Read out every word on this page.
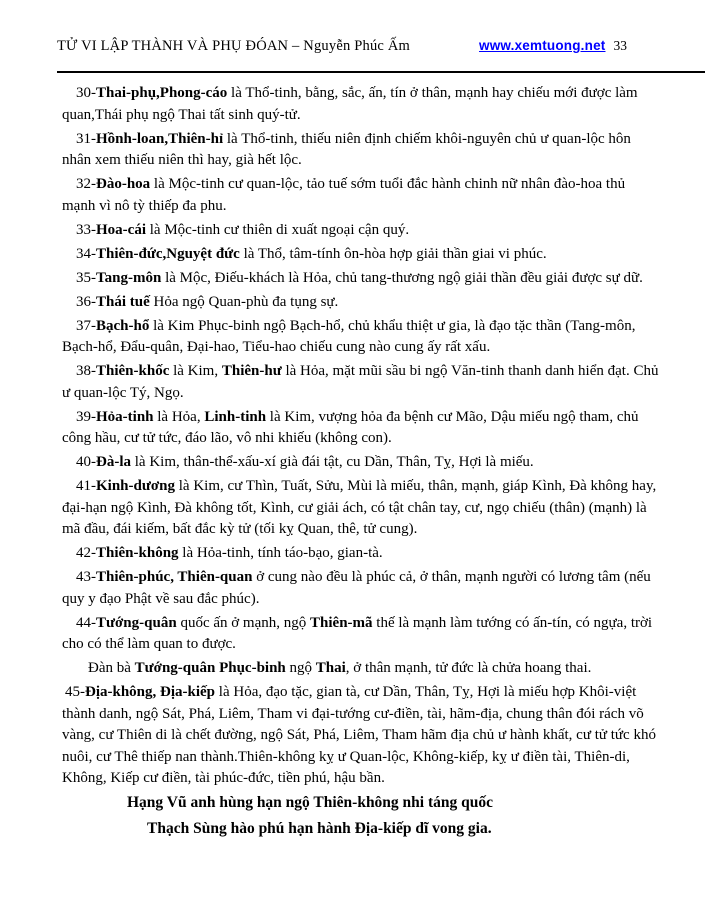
TỬ VI LẬP THÀNH VÀ PHỤ ĐÓAN – Nguyễn Phúc Ấm	www.xemtuong.net 33

30-Thai-phụ,Phong-cáo là Thổ-tinh, bằng, sắc, ấn, tín ở thân, mạnh hay chiếu mới được làm quan,Thái phụ ngộ Thai tất sinh quý-tử.

31-Hồnh-loan,Thiên-hỉ là Thổ-tinh, thiếu niên định chiếm khôi-nguyên chủ ư quan-lộc hôn nhân xem thiếu niên thì hay, già hết lộc.

32-Đào-hoa là Mộc-tinh cư quan-lộc, tảo tuế sớm tuổi đắc hành chinh nữ nhân đào-hoa thủ mạnh vì nô tỳ thiếp đa phu.

33-Hoa-cái là Mộc-tinh cư thiên di xuất ngoại cận quý.

34-Thiên-đức,Nguyệt đức là Thổ, tâm-tính ôn-hòa hợp giải thần giai vi phúc.

35-Tang-môn là Mộc, Điếu-khách là Hỏa, chủ tang-thương ngộ giải thần đều giải được sự dữ.

36-Thái tuế Hỏa ngộ Quan-phù đa tụng sự.

37-Bạch-hổ là Kim Phục-binh ngộ Bạch-hổ, chủ khẩu thiệt ư gia, là đạo tặc thần (Tang-môn, Bạch-hổ, Đẩu-quân, Đại-hao, Tiểu-hao chiếu cung nào cung ấy rất xấu.

38-Thiên-khốc là Kim, Thiên-hư là Hỏa, mặt mũi sầu bi ngộ Văn-tinh thanh danh hiển đạt. Chủ ư quan-lộc Tý, Ngọ.

39-Hỏa-tinh là Hỏa, Linh-tinh là Kim, vượng hỏa đa bệnh cư Mão, Dậu miếu ngộ tham, chủ công hầu, cư tử tức, đáo lão, vô nhi khiếu (không con).

40-Đà-la là Kim, thân-thể-xấu-xí già đái tật, cu Dần, Thân, Tỵ, Hợi là miếu.

41-Kinh-dương là Kim, cư Thìn, Tuất, Sửu, Mùi là miếu, thân, mạnh, giáp Kình, Đà không hay, đại-hạn ngộ Kình, Đà không tốt, Kình, cư giải ách, có tật chân tay, cư, ngọ chiếu (thân) (mạnh) là mã đầu, đái kiếm, bất đắc kỳ tử (tối kỵ Quan, thê, tử cung).

42-Thiên-không là Hỏa-tinh, tính táo-bạo, gian-tà.

43-Thiên-phúc, Thiên-quan ở cung nào đều là phúc cả, ở thân, mạnh người có lương tâm (nếu quy y đạo Phật về sau đắc phúc).

44-Tướng-quân quốc ấn ở mạnh, ngộ Thiên-mã thế là mạnh làm tướng có ấn-tín, có ngựa, trời cho có thể làm quan to được.

Đàn bà Tướng-quân Phục-binh ngộ Thai, ở thân mạnh, tử đức là chửa hoang thai.

45-Địa-không, Địa-kiếp là Hỏa, đạo tặc, gian tà, cư Dần, Thân, Tỵ, Hợi là miếu hợp Khôi-việt thành danh, ngộ Sát, Phá, Liêm, Tham vi đại-tướng cư-điền, tài, hãm-địa, chung thân đói rách võ vàng, cư Thiên di là chết đường, ngộ Sát, Phá, Liêm, Tham hãm địa chủ ư hành khất, cư tử tức khó nuôi, cư Thê thiếp nan thành.Thiên-không kỵ ư Quan-lộc, Không-kiếp, kỵ ư điền tài, Thiên-di, Không, Kiếp cư điền, tài phúc-đức, tiền phú, hậu bần.

Hạng Vũ anh hùng hạn ngộ Thiên-không nhi táng quốc

Thạch Sùng hào phú hạn hành Địa-kiếp dĩ vong gia.
